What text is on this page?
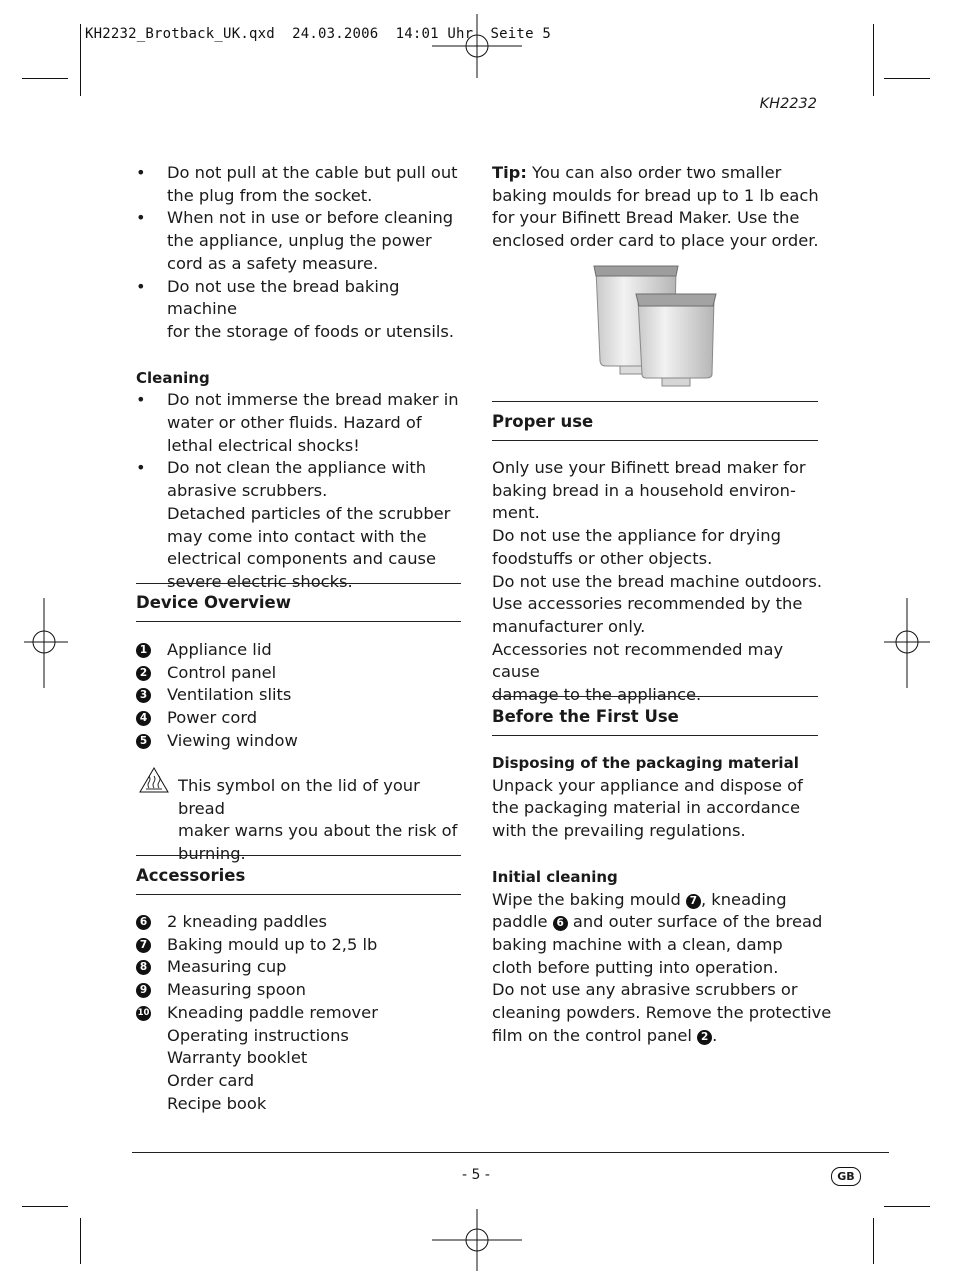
KH2232_Brotback_UK.qxd  24.03.2006  14:01 Uhr  Seite 5
KH2232
• Do not pull at the cable but pull out

the plug from the socket.

• When not in use or before cleaning

the appliance, unplug the power

cord as a safety measure.

• Do not use the bread baking machine

for the storage of foods or utensils.

Cleaning

• Do not immerse the bread maker in

water or other fluids. Hazard of

lethal electrical shocks!

• Do not clean the appliance with

abrasive scrubbers.

Detached particles of the scrubber

may come into contact with the

electrical components and cause

severe electric shocks.

Device Overview
1 Appliance lid
2 Control panel
3 Ventilation slits
4 Power cord
5 Viewing window

This symbol on the lid of your bread

maker warns you about the risk of

burning.

Accessories
6 2 kneading paddles
7 Baking mould up to 2,5 lb
8 Measuring cup
9 Measuring spoon
10 Kneading paddle remover

Operating instructions

Warranty booklet

Order card

Recipe book

Tip: You can also order two smaller

baking moulds for bread up to 1 lb each

for your Bifinett Bread Maker. Use the

enclosed order card to place your order.

Proper use

Only use your Bifinett bread maker for

baking bread in a household environ-

ment.

Do not use the appliance for drying

foodstuffs or other objects.

Do not use the bread machine outdoors.

Use accessories recommended by the

manufacturer only.

Accessories not recommended may cause

damage to the appliance.

Before the First Use

Disposing of the packaging material

Unpack your appliance and dispose of

the packaging material in accordance

with the prevailing regulations.

Initial cleaning

Wipe the baking mould 7 , kneading

paddle 6 and outer surface of the bread

baking machine with a clean, damp

cloth before putting into operation.

Do not use any abrasive scrubbers or

cleaning powders. Remove the protective

film on the control panel 2 .

- 5 -	GB
